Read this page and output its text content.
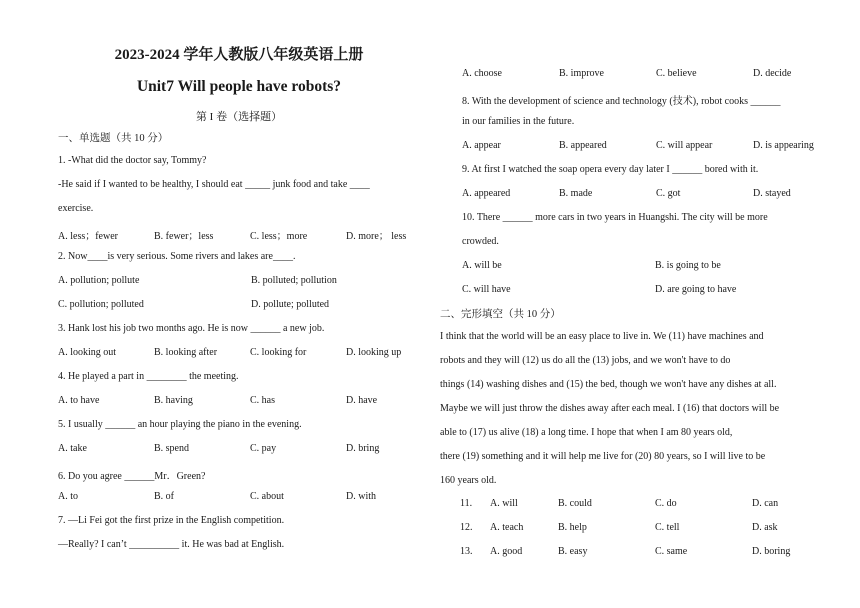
2023-2024 学年人教版八年级英语上册
Unit7 Will people have robots?
第 I 卷（选择题）
一、单选题（共 10 分）
1. -What did the doctor say, Tommy?
-He said if I wanted to be healthy, I should eat _____ junk food and take ____
exercise.
A. less；fewer	B. fewer；less	C. less；more	D. more； less
2. Now____is very serious. Some rivers and lakes are____.
A. pollution; pollute	B. polluted; pollution
C. pollution; polluted	D. pollute; polluted
3. Hank lost his job two months ago. He is now ______ a new job.
A. looking out	B. looking after	C. looking for	D. looking up
4. He played a part in ________ the meeting.
A. to have	B. having	C. has	D. have
5. I usually ______ an hour playing the piano in the evening.
A. take	B. spend	C. pay	D. bring
6. Do you agree ______Mr．Green?
A. to	B. of	C. about	D. with
7. —Li Fei got the first prize in the English competition.
—Really? I can’t __________ it. He was bad at English.
A. choose	B. improve	C. believe	D. decide
8. With the development of science and technology (技术), robot cooks ______
in our families in the future.
A. appear	B. appeared	C. will appear	D. is appearing
9. At first I watched the soap opera every day later I ______ bored with it.
A. appeared	B. made	C. got	D. stayed
10. There ______ more cars in two years in Huangshi. The city will be more
crowded.
A. will be	B. is going to be
C. will have	D. are going to have
二、完形填空（共 10 分）
I think that the world will be an easy place to live in. We (11) have machines and
robots and they will (12) us do all the (13) jobs, and we won't have to do
things (14) washing dishes and (15) the bed, though we won't have any dishes at all.
Maybe we will just throw the dishes away after each meal. I (16) that doctors will be
able to (17) us alive (18) a long time. I hope that when I am 80 years old,
there (19) something and it will help me live for (20) 80 years, so I will live to be
160 years old.
11.	A. will	B. could	C. do	D. can
12.	A. teach	B. help	C. tell	D. ask
13.	A. good	B. easy	C. same	D. boring
